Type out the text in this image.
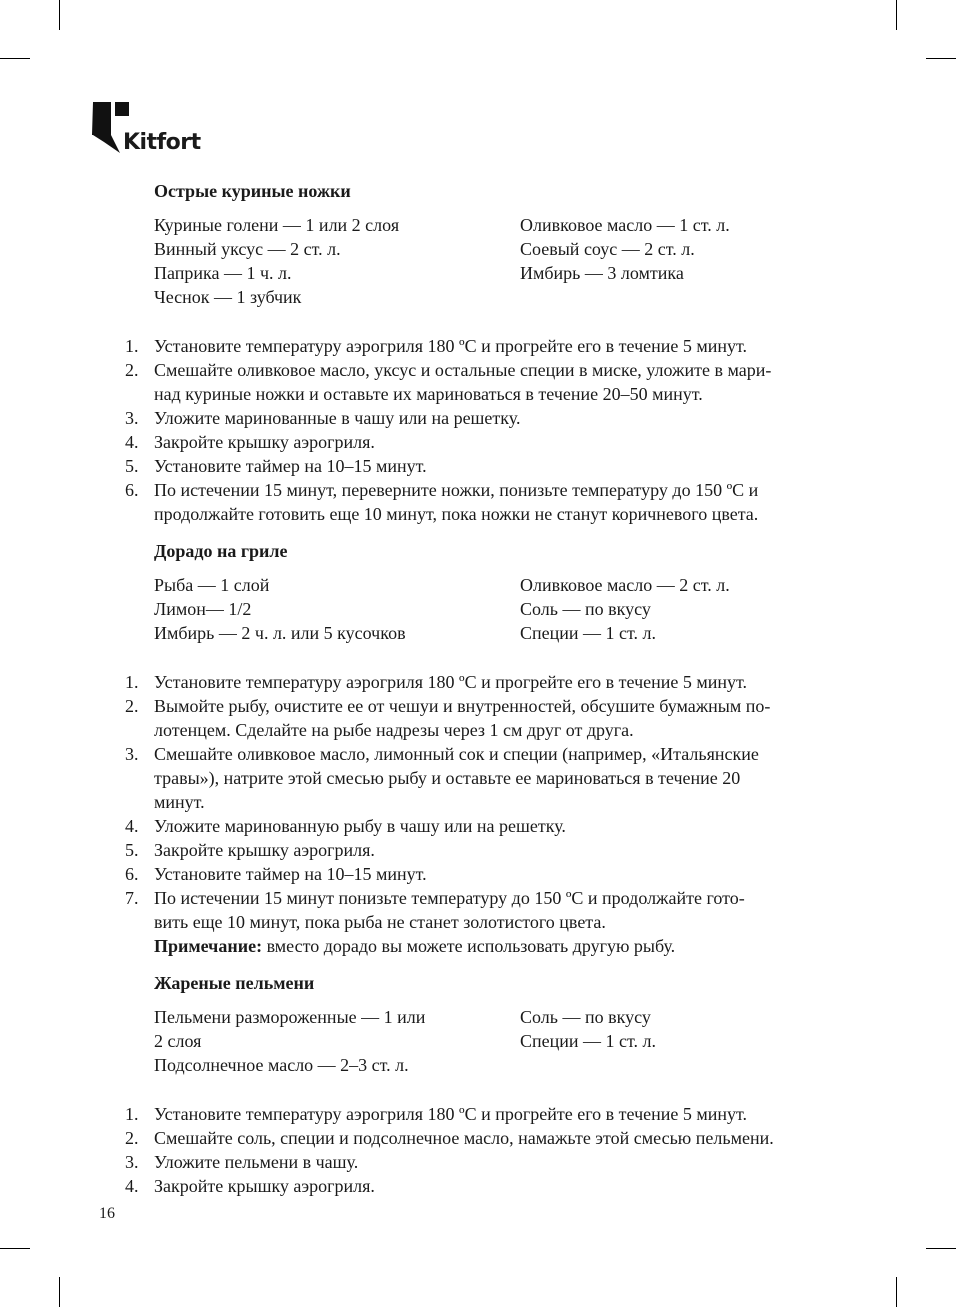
Kitfort
Острые куриные ножки
Куриные голени — 1 или 2 слоя
Винный уксус — 2 ст. л.
Паприка — 1 ч. л.
Чеснок — 1 зубчик
Оливковое масло — 1 ст. л.
Соевый соус — 2 ст. л.
Имбирь — 3 ломтика
1. Установите температуру аэрогриля 180 ºС и прогрейте его в течение 5 минут.
2. Смешайте оливковое масло, уксус и остальные специи в миске, уложите в мари-
над куриные ножки и оставьте их мариноваться в течение 20–50 минут.
3. Уложите маринованные в чашу или на решетку.
4. Закройте крышку аэрогриля.
5. Установите таймер на 10–15 минут.
6. По истечении 15 минут, переверните ножки, понизьте температуру до 150 ºС и
продолжайте готовить еще 10 минут, пока ножки не станут коричневого цвета.
Дорадо на гриле
Рыба — 1 слой
Лимон— 1/2
Имбирь — 2 ч. л. или 5 кусочков
Оливковое масло — 2 ст. л.
Соль — по вкусу
Специи — 1 ст. л.
1. Установите температуру аэрогриля 180 ºС и прогрейте его в течение 5 минут.
2. Вымойте рыбу, очистите ее от чешуи и внутренностей, обсушите бумажным по-
лотенцем. Сделайте на рыбе надрезы через 1 см друг от друга.
3. Смешайте оливковое масло, лимонный сок и специи (например, «Итальянские
травы»), натрите этой смесью рыбу и оставьте ее мариноваться в течение 20
минут.
4. Уложите маринованную рыбу в чашу или на решетку.
5. Закройте крышку аэрогриля.
6. Установите таймер на 10–15 минут.
7. По истечении 15 минут понизьте температуру до 150 ºС и продолжайте гото-
вить еще 10 минут, пока рыба не станет золотистого цвета.
Примечание: вместо дорадо вы можете использовать другую рыбу.
Жареные пельмени
Пельмени размороженные — 1 или
2 слоя
Подсолнечное масло — 2–3 ст. л.
Соль — по вкусу
Специи — 1 ст. л.
1. Установите температуру аэрогриля 180 ºС и прогрейте его в течение 5 минут.
2. Смешайте соль, специи и подсолнечное масло, намажьте этой смесью пельмени.
3. Уложите пельмени в чашу.
4. Закройте крышку аэрогриля.
16
